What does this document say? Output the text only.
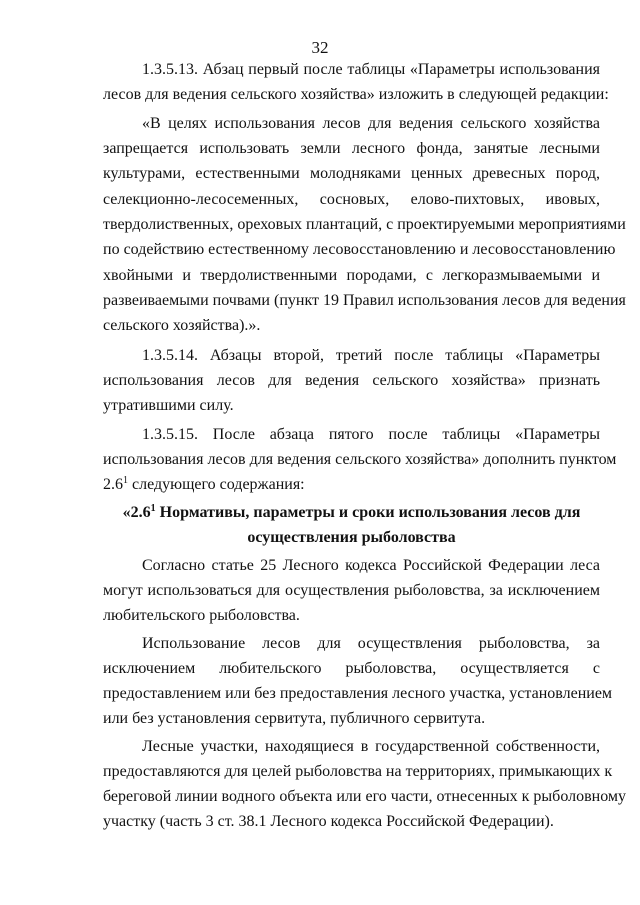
32
1.3.5.13. Абзац первый после таблицы «Параметры использования
лесов для ведения сельского хозяйства» изложить в следующей редакции:
«В целях использования лесов для ведения сельского хозяйства
запрещается использовать земли лесного фонда, занятые лесными
культурами, естественными молодняками ценных древесных пород,
селекционно-лесосеменных, сосновых, елово-пихтовых, ивовых,
твердолиственных, ореховых плантаций, с проектируемыми мероприятиями
по содействию естественному лесовосстановлению и лесовосстановлению
хвойными и твердолиственными породами, с легкоразмываемыми и
развеиваемыми почвами (пункт 19 Правил использования лесов для ведения
сельского хозяйства).».
1.3.5.14. Абзацы второй, третий после таблицы «Параметры
использования лесов для ведения сельского хозяйства» признать
утратившими силу.
1.3.5.15. После абзаца пятого после таблицы «Параметры
использования лесов для ведения сельского хозяйства» дополнить пунктом
$2.6^1$ следующего содержания:
«$2.6^1$ Нормативы, параметры и сроки использования лесов для
осуществления рыболовства
Согласно статье 25 Лесного кодекса Российской Федерации леса
могут использоваться для осуществления рыболовства, за исключением
любительского рыболовства.
Использование лесов для осуществления рыболовства, за
исключением любительского рыболовства, осуществляется с
предоставлением или без предоставления лесного участка, установлением
или без установления сервитута, публичного сервитута.
Лесные участки, находящиеся в государственной собственности,
предоставляются для целей рыболовства на территориях, примыкающих к
береговой линии водного объекта или его части, отнесенных к рыболовному
участку (часть 3 ст. 38.1 Лесного кодекса Российской Федерации).
